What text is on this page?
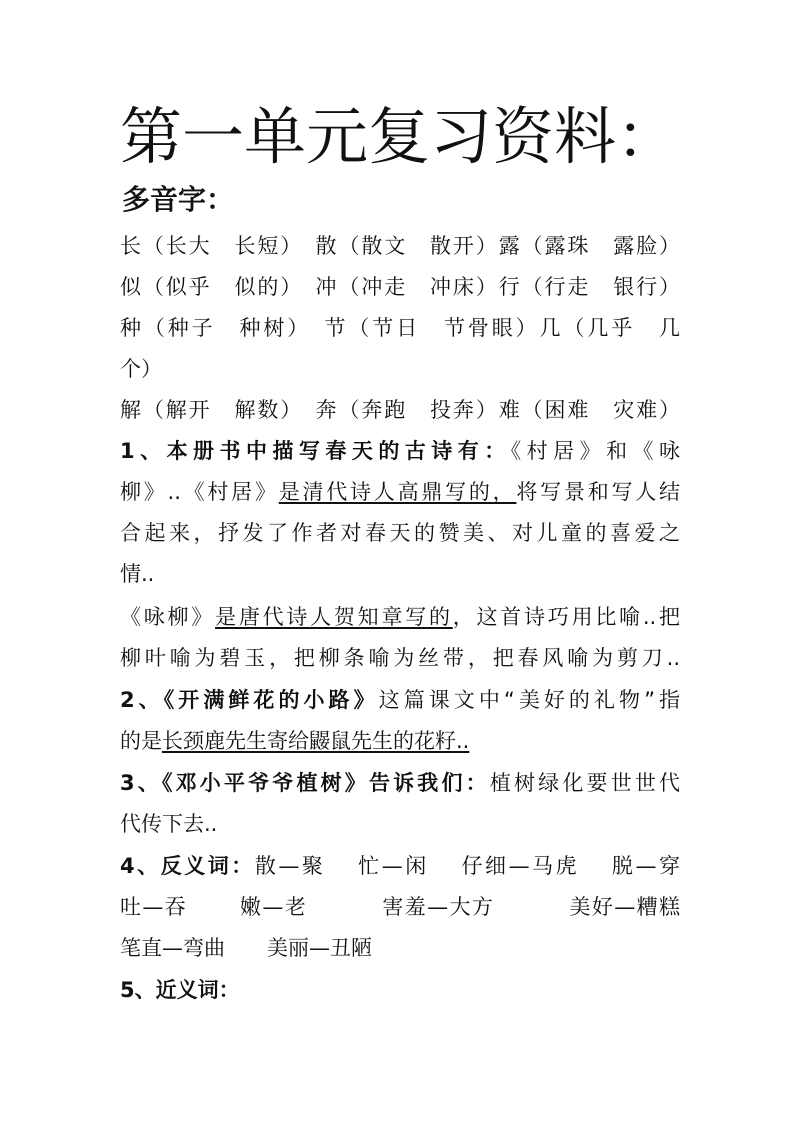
第一单元复习资料：
多音字：
长（长大　长短）　散（散文　散开）露（露珠　露脸）
似（似乎　似的）　冲（冲走　冲床）行（行走　银行）
种（种子　种树）　节（节日　节骨眼）几（几乎　几
个）
解（解开　解数）　奔（奔跑　投奔）难（困难　灾难）
1、本册书中描写春天的古诗有：《村居》和《咏
柳》..《村居》是清代诗人高鼎写的，将写景和写人结
合起来，抒发了作者对春天的赞美、对儿童的喜爱之
情..
《咏柳》是唐代诗人贺知章写的，这首诗巧用比喻..把
柳叶喻为碧玉，把柳条喻为丝带，把春风喻为剪刀..
2、《开满鲜花的小路》这篇课文中“美好的礼物”指
的是长颈鹿先生寄给鼹鼠先生的花籽..
3、《邓小平爷爷植树》告诉我们：植树绿化要世世代
代传下去..
4、反义词：散—聚　 忙—闲　 仔细—马虎　 脱—穿
吐—吞　　 嫩—老　　　 害羞—大方　　　 美好—糟糕
笔直—弯曲　　美丽—丑陋
5、近义词：
